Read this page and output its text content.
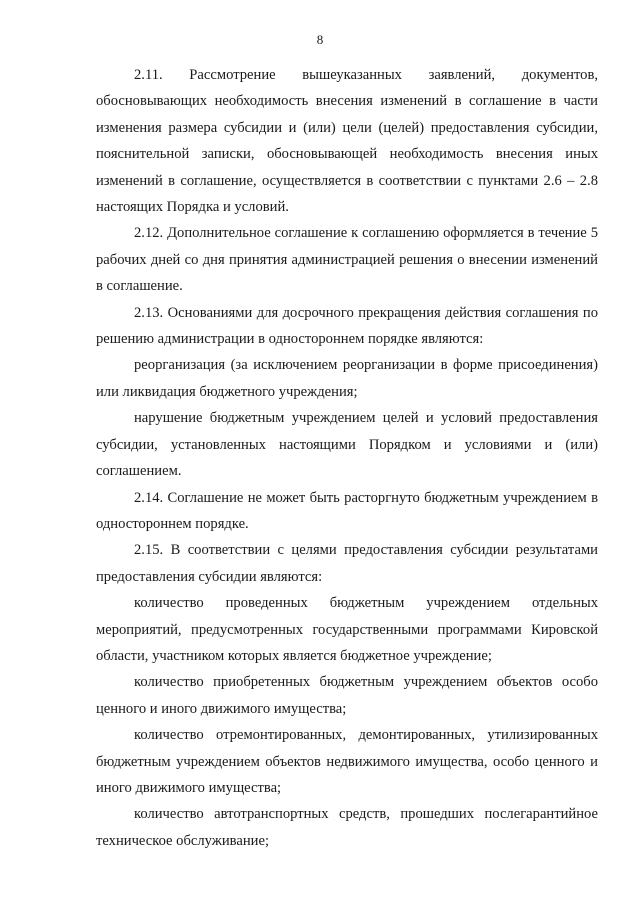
8

2.11. Рассмотрение вышеуказанных заявлений, документов, обосновывающих необходимость внесения изменений в соглашение в части изменения размера субсидии и (или) цели (целей) предоставления субсидии, пояснительной записки, обосновывающей необходимость внесения иных изменений в соглашение, осуществляется в соответствии с пунктами 2.6 – 2.8 настоящих Порядка и условий.

2.12. Дополнительное соглашение к соглашению оформляется в течение 5 рабочих дней со дня принятия администрацией решения о внесении изменений в соглашение.

2.13. Основаниями для досрочного прекращения действия соглашения по решению администрации в одностороннем порядке являются:

реорганизация (за исключением реорганизации в форме присоединения) или ликвидация бюджетного учреждения;

нарушение бюджетным учреждением целей и условий предоставления субсидии, установленных настоящими Порядком и условиями и (или) соглашением.

2.14. Соглашение не может быть расторгнуто бюджетным учреждением в одностороннем порядке.

2.15. В соответствии с целями предоставления субсидии результатами предоставления субсидии являются:

количество проведенных бюджетным учреждением отдельных мероприятий, предусмотренных государственными программами Кировской области, участником которых является бюджетное учреждение;

количество приобретенных бюджетным учреждением объектов особо ценного и иного движимого имущества;

количество отремонтированных, демонтированных, утилизированных бюджетным учреждением объектов недвижимого имущества, особо ценного и иного движимого имущества;

количество автотранспортных средств, прошедших послегарантийное техническое обслуживание;
